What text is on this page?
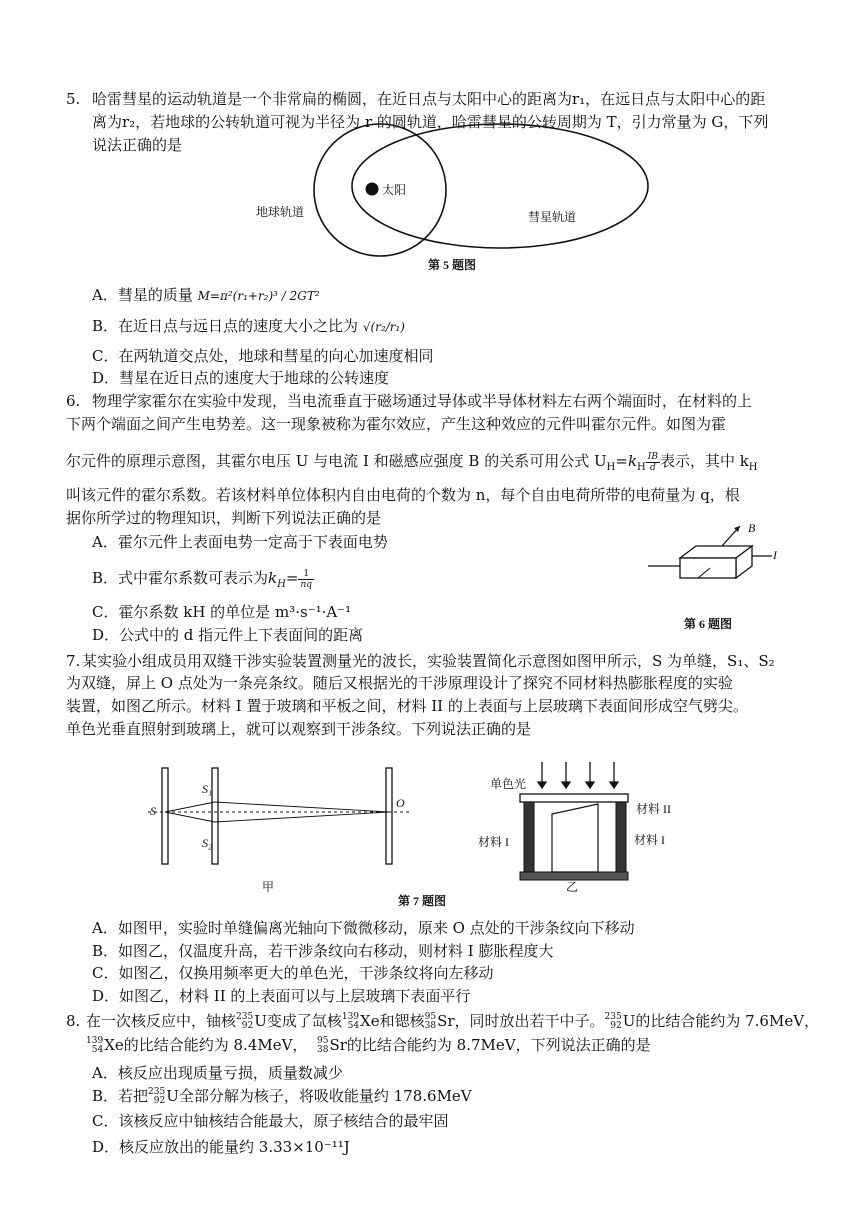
5. 哈雷彗星的运动轨道是一个非常扁的椭圆，在近日点与太阳中心的距离为r₁，在远日点与太阳中心的距
离为r₂，若地球的公转轨道可视为半径为 r 的圆轨道，哈雷彗星的公转周期为 T，引力常量为 G，下列
说法正确的是
太阳
地球轨道	彗星轨道
第 5 题图
A．彗星的质量 M=π²(r₁+r₂)³ / 2GT²
B．在近日点与远日点的速度大小之比为 √(r₂/r₁)
C．在两轨道交点处，地球和彗星的向心加速度相同
D．彗星在近日点的速度大于地球的公转速度
6. 物理学家霍尔在实验中发现，当电流垂直于磁场通过导体或半导体材料左右两个端面时，在材料的上
下两个端面之间产生电势差。这一现象被称为霍尔效应，产生这种效应的元件叫霍尔元件。如图为霍
尔元件的原理示意图，其霍尔电压 U 与电流 I 和磁感应强度 B 的关系可用公式 $U_H=k_H \frac{IB}{d}$ 表示，其中 $k_H$
叫该元件的霍尔系数。若该材料单位体积内自由电荷的个数为 n，每个自由电荷所带的电荷量为 q，根
据你所学过的物理知识，判断下列说法正确的是
A．霍尔元件上表面电势一定高于下表面电势
B．式中霍尔系数可表示为$k_H= \frac{1}{nq}$
C．霍尔系数 kH 的单位是 m³·s⁻¹·A⁻¹
D．公式中的 d 指元件上下表面间的距离
B
I
第 6 题图
7. 某实验小组成员用双缝干涉实验装置测量光的波长，实验装置简化示意图如图甲所示，S 为单缝，S₁、S₂
为双缝，屏上 O 点处为一条亮条纹。随后又根据光的干涉原理设计了探究不同材料热膨胀程度的实验
装置，如图乙所示。材料 I 置于玻璃和平板之间，材料 II 的上表面与上层玻璃下表面间形成空气劈尖。
单色光垂直照射到玻璃上，就可以观察到干涉条纹。下列说法正确的是
S
S₁
S₂
O
甲
单色光
材料 II
材料 I	材料 I
乙
第 7 题图
A．如图甲，实验时单缝偏离光轴向下微微移动，原来 O 点处的干涉条纹向下移动
B．如图乙，仅温度升高，若干涉条纹向右移动，则材料 I 膨胀程度大
C．如图乙，仅换用频率更大的单色光，干涉条纹将向左移动
D．如图乙，材料 II 的上表面可以与上层玻璃下表面平行
8. 在一次核反应中，铀核235
92U变成了氙核139
54Xe和锶核95
38Sr，同时放出若干中子。235
92U的比结合能约为 7.6MeV，
139
54Xe的比结合能约为 8.4MeV， 95
38Sr的比结合能约为 8.7MeV，下列说法正确的是
A．核反应出现质量亏损，质量数减少
B．若把235
92U全部分解为核子，将吸收能量约 178.6MeV
C．该核反应中铀核结合能最大，原子核结合的最牢固
D．核反应放出的能量约 3.33×10⁻¹¹J
